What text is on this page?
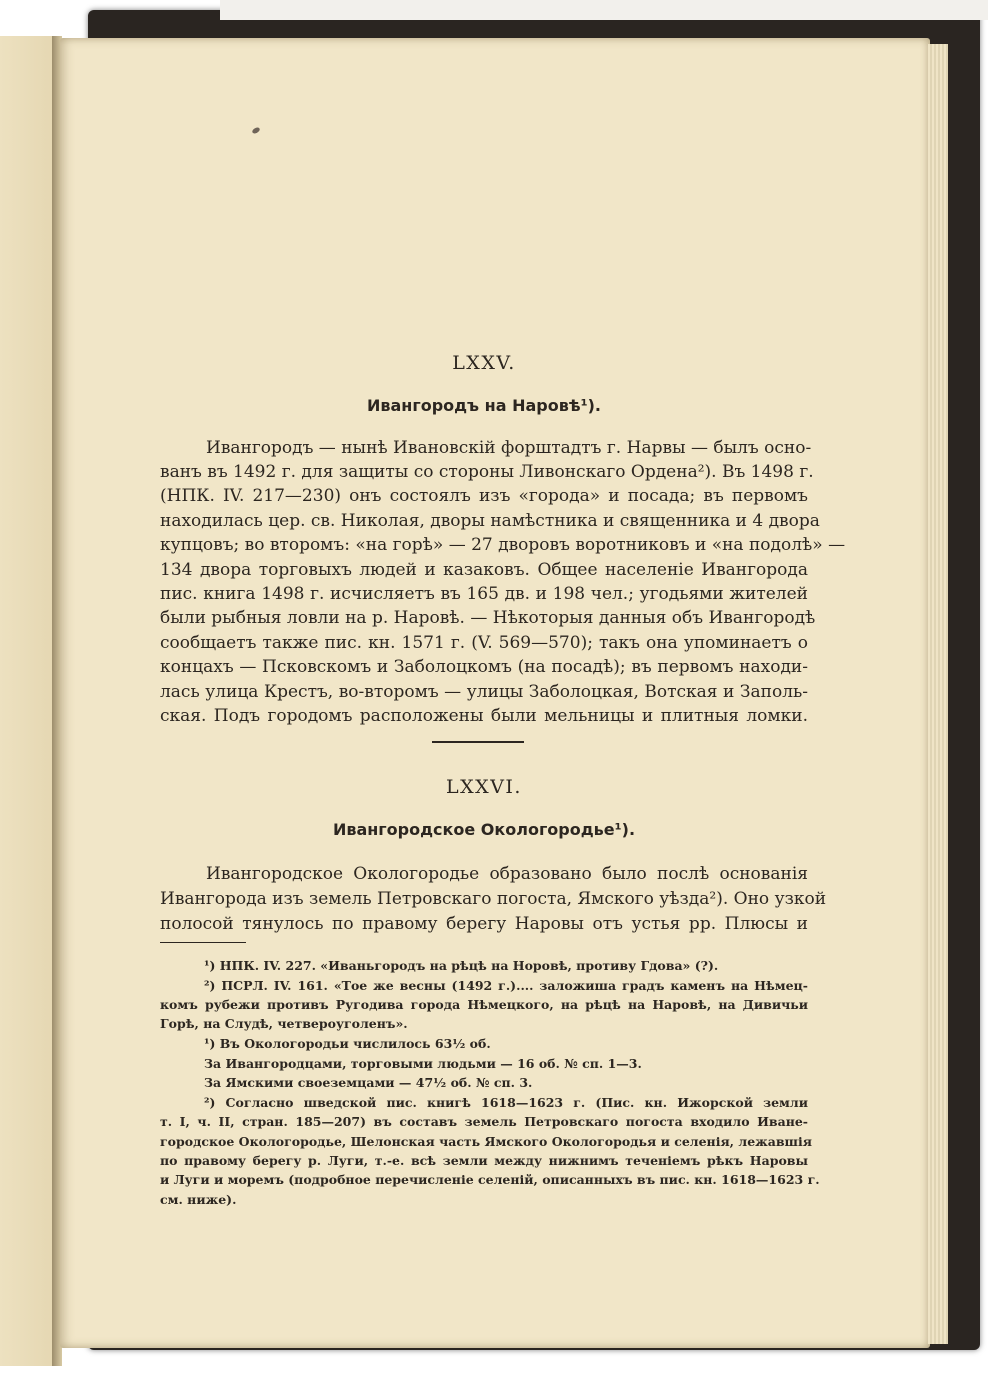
LXXV.
Ивангородъ на Наровѣ¹).
Ивангородъ — нынѣ Ивановскій форштадтъ г. Нарвы — былъ осно-
ванъ въ 1492 г. для защиты со стороны Ливонскаго Ордена²). Въ 1498 г.
(НПК. IV. 217—230) онъ состоялъ изъ «города» и посада; въ первомъ
находилась цер. св. Николая, дворы намѣстника и священника и 4 двора
купцовъ; во второмъ: «на горѣ» — 27 дворовъ воротниковъ и «на подолѣ» —
134 двора торговыхъ людей и казаковъ. Общее населеніе Ивангорода
пис. книга 1498 г. исчисляетъ въ 165 дв. и 198 чел.; угодьями жителей
были рыбныя ловли на р. Наровѣ. — Нѣкоторыя данныя объ Ивангородѣ
сообщаетъ также пис. кн. 1571 г. (V. 569—570); такъ она упоминаетъ о
концахъ — Псковскомъ и Заболоцкомъ (на посадѣ); въ первомъ находи-
лась улица Крестъ, во-второмъ — улицы Заболоцкая, Вотская и Заполь-
ская. Подъ городомъ расположены были мельницы и плитныя ломки.
LXXVI.
Ивангородское Окологородье¹).
Ивангородское Окологородье образовано было послѣ основанія
Ивангорода изъ земель Петровскаго погоста, Ямского уѣзда²). Оно узкой
полосой тянулось по правому берегу Наровы отъ устья рр. Плюсы и
¹) НПК. IV. 227. «Иваньгородъ на рѣцѣ на Норовѣ, противу Гдова» (?).
²) ПСРЛ. IV. 161. «Тое же весны (1492 г.).... заложиша градъ каменъ на Нѣмец-
комъ рубежи противъ Ругодива города Нѣмецкого, на рѣцѣ на Наровѣ, на Дивичьи
Горѣ, на Слудѣ, четвероуголенъ».
¹) Въ Окологородьи числилось 63½ об.
За Ивангородцами, торговыми людьми — 16 об. № сп. 1—3.
За Ямскими своеземцами — 47½ об. № сп. 3.
²) Согласно шведской пис. книгѣ 1618—1623 г. (Пис. кн. Ижорской земли
т. I, ч. II, стран. 185—207) въ составъ земель Петровскаго погоста входило Иване-
городское Окологородье, Шелонская часть Ямского Окологородья и селенія, лежавшія
по правому берегу р. Луги, т.-е. всѣ земли между нижнимъ теченіемъ рѣкъ Наровы
и Луги и моремъ (подробное перечисленіе селеній, описанныхъ въ пис. кн. 1618—1623 г.
см. ниже).
